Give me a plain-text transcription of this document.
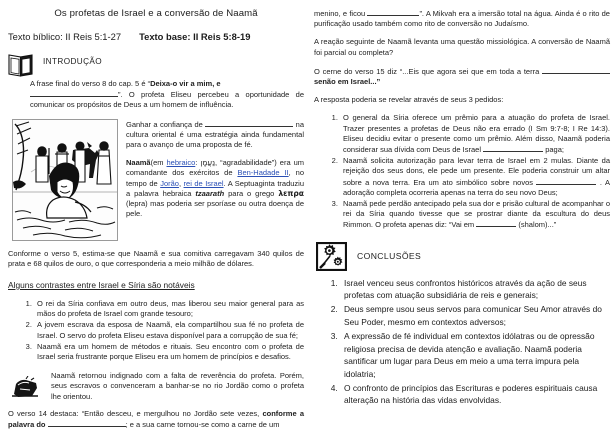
Os profetas de Israel e a conversão de Naamã
Texto bíblico: II Reis 5:1-27 Texto base: II Reis 5:8-19
INTRODUÇÃO

A frase final do verso 8 do cap. 5 é “Deixa-o vir a mim, e
”. O profeta Eliseu percebeu a oportunidade de comunicar os propósitos de Deus a um homem de influência.

Ganhar a confiança de	na cultura oriental é uma estratégia ainda fundamental para o avanço de uma proposta de fé.

Naamã(em hebraico: נַעֲמָן, “agradabilidade”) era um comandante dos exércitos de Ben-Hadade II, no tempo de Jorão, rei de Israel. A Septuaginta traduziu a palavra hebraica tzaarath para o grego λεπρα (lepra) mas poderia ser psoríase ou outra doença de pele.

Conforme o verso 5, estima-se que Naamã e sua comitiva carregavam 340 quilos de prata e 68 quilos de ouro, o que corresponderia a meio milhão de dólares.

Alguns contrastes entre Israel e Síria são notáveis
1. O rei da Síria confiava em outro deus, mas liberou seu maior general para as mãos do profeta de Israel com grande tesouro;
2. A jovem escrava da esposa de Naamã, ela compartilhou sua fé no profeta de Israel. O servo do profeta Eliseu estava disponível para a corrupção de sua fé;
3. Naamã era um homem de métodos e rituais. Seu encontro com o profeta de Israel seria frustrante porque Eliseu era um homem de princípios e desafios.

Naamã retornou indignado com a falta de reverência do profeta. Porém, seus escravos o convenceram a banhar-se no rio Jordão como o profeta lhe orientou.

O verso 14 destaca: “Então desceu, e mergulhou no Jordão sete vezes, conforme a palavra do	; e a sua carne tornou-se como a carne de um

menino, e ficou	”. A Mikvah era a imersão total na água. Ainda é o rito de purificação usado também como rito de conversão no Judaísmo.

A reação seguinte de Naamã levanta uma questão missiológica. A conversão de Naamã foi parcial ou completa?

O cerne do verso 15 diz “...Eis que agora sei que em toda a terra  senão em Israel...”

A resposta poderia se revelar através de seus 3 pedidos:

1. O general da Síria oferece um prêmio para a atuação do profeta de Israel. Trazer presentes a profetas de Deus não era errado (I Sm 9:7-8; I Re 14:3). Eliseu decidiu evitar o presente como um prêmio. Além disso, Naamã poderia considerar sua dívida com Deus de Israel	paga;
2. Naamã solicita autorização para levar terra de Israel em 2 mulas. Diante da rejeição dos seus dons, ele pede um presente. Ele poderia construir um altar sobre a nova terra. Era um ato simbólico sobre novos	. A adoração completa ocorreria apenas na terra do seu novo Deus;
3. Naamã pede perdão antecipado pela sua dor e prisão cultural de acompanhar o rei da Síria quando tivesse que se prostrar diante da escultura do deus Rimmon. O profeta apenas diz: “Vai em	(shalom)...”
CONCLUSÕES
1. Israel venceu seus confrontos históricos através da ação de seus profetas com atuação subsidiária de reis e generais;
2. Deus sempre usou seus servos para comunicar Seu Amor através do Seu Poder, mesmo em contextos adversos;
3. A expressão de fé individual em contextos idólatras ou de opressão religiosa precisa de devida atenção e avaliação. Naamã poderia santificar um lugar para Deus em meio a uma terra impura pela idolatria;
4. O confronto de princípios das Escrituras e poderes espirituais causa alteração na história das vidas envolvidas.
